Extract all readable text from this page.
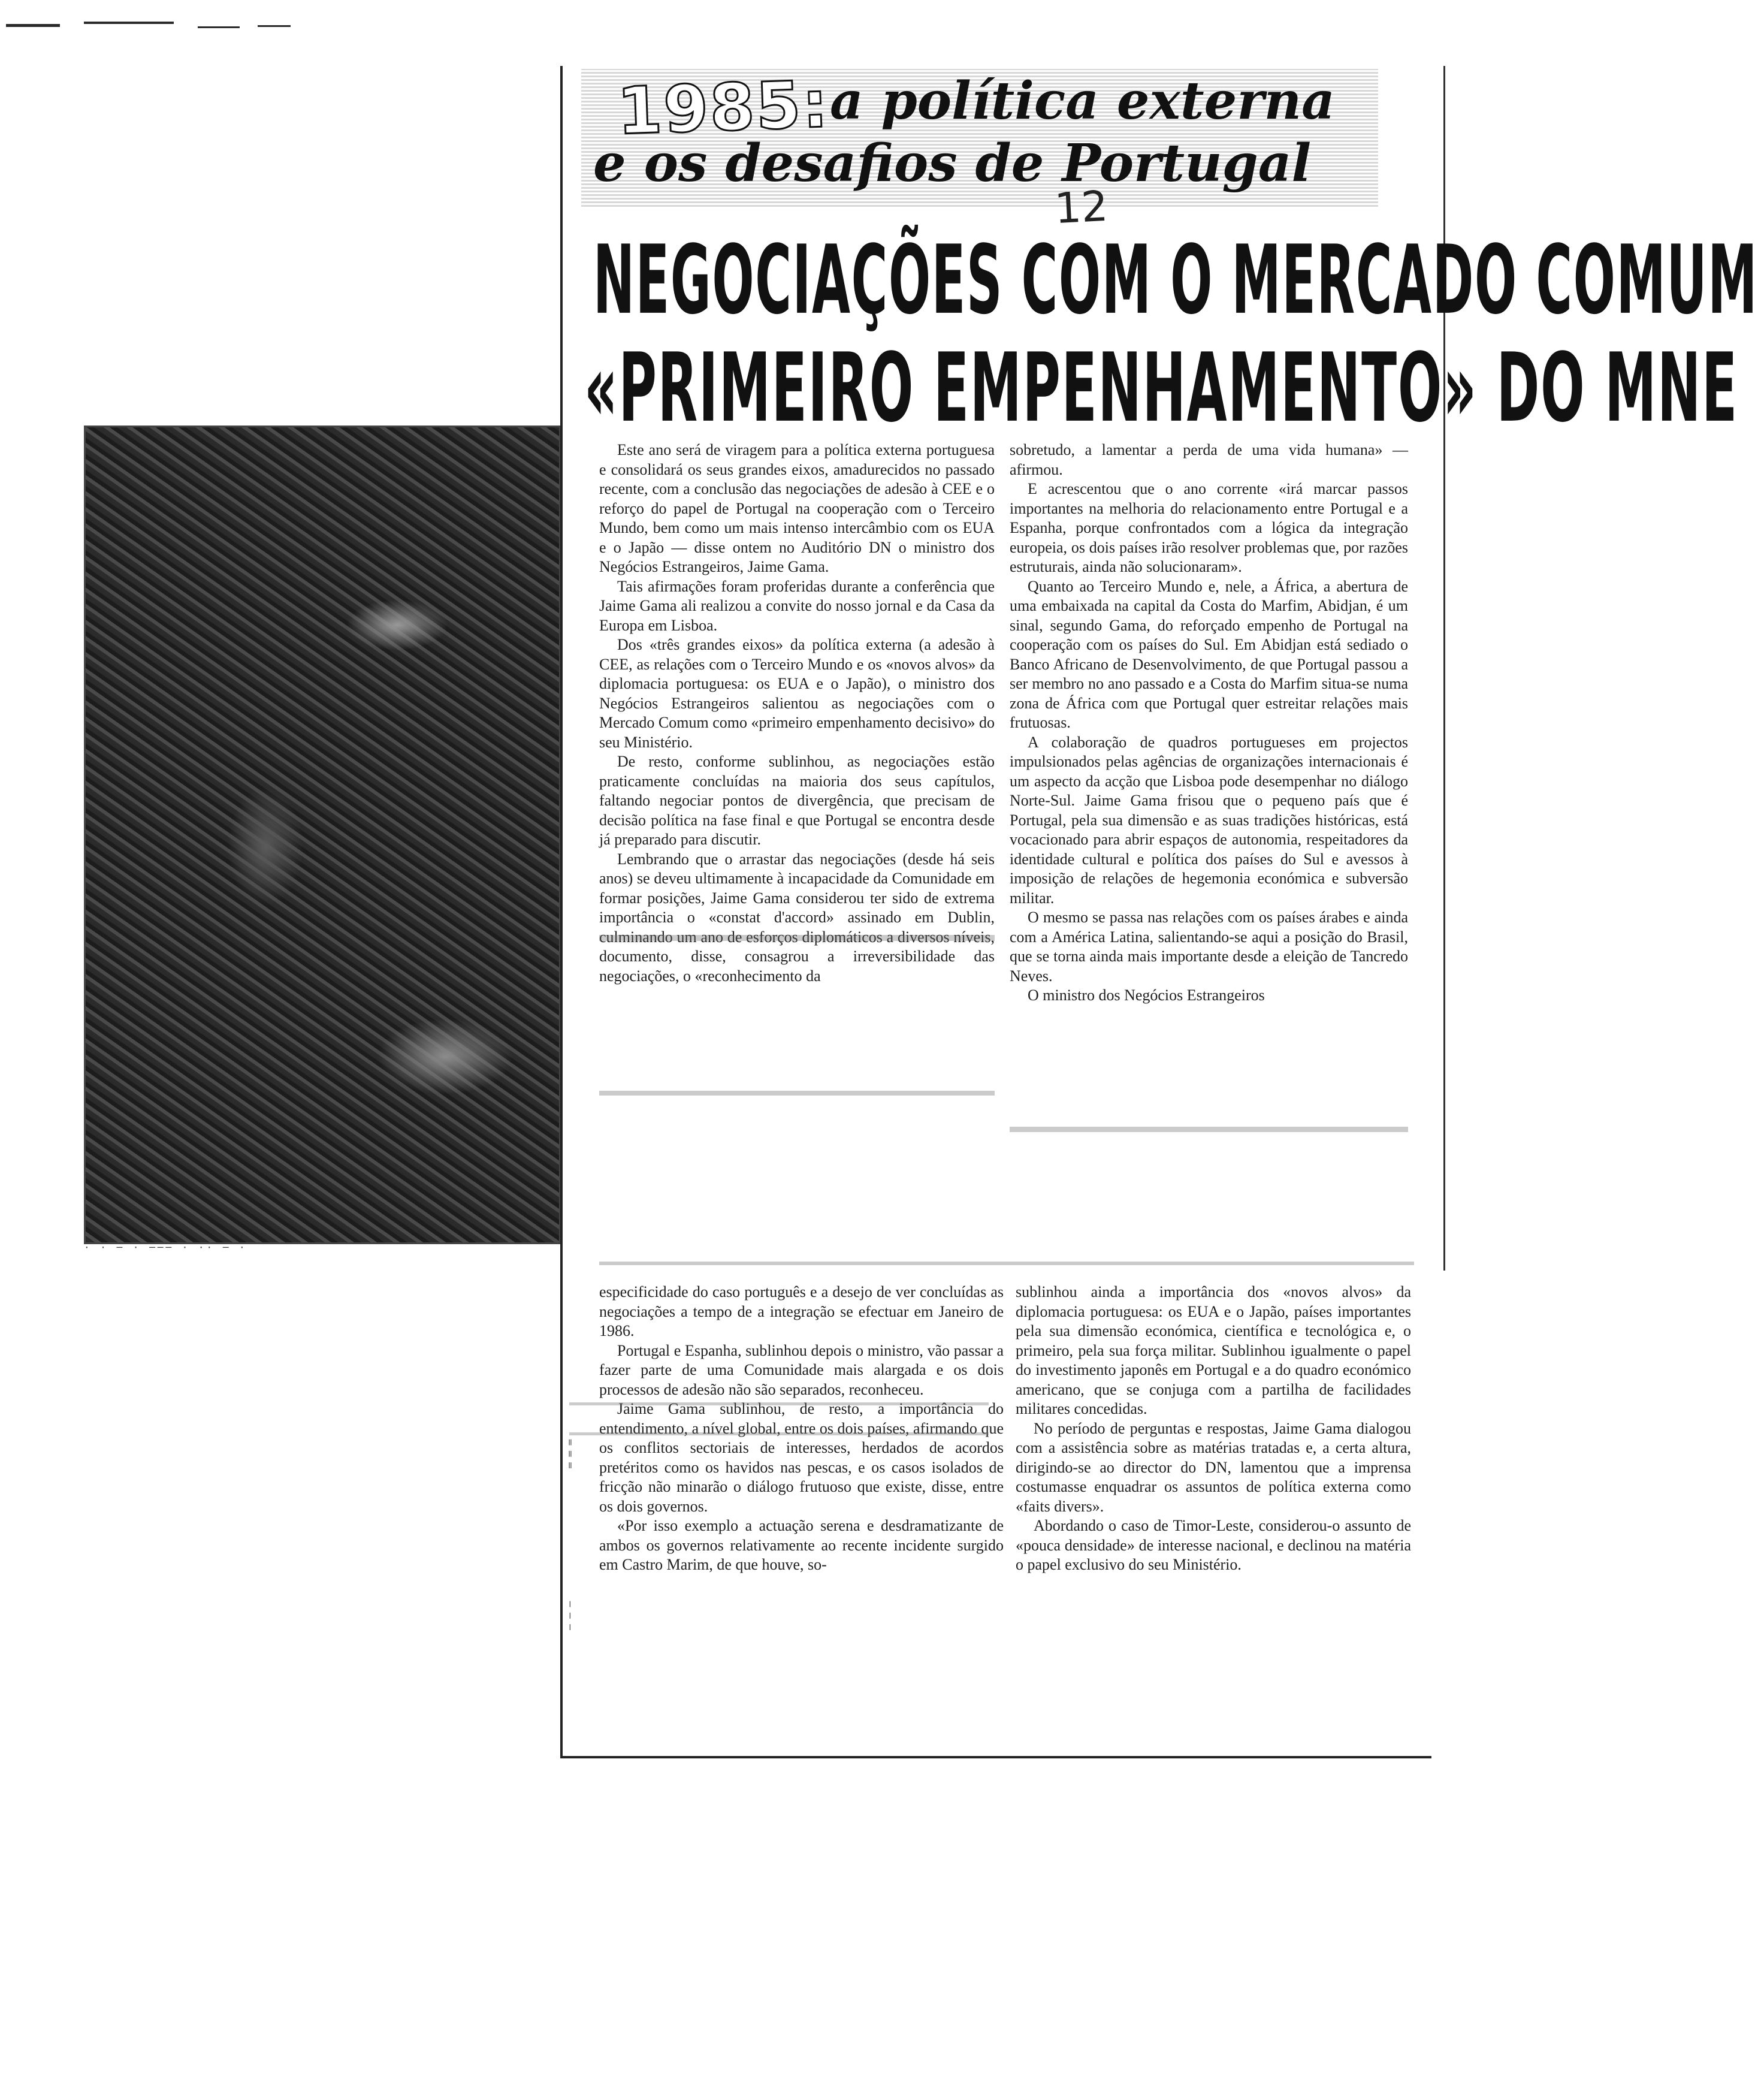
· · ─ · ─── · ·· ─ ·
1985: a política externa
e os desafios de Portugal
12
NEGOCIAÇÕES COM O MERCADO COMUM
«PRIMEIRO EMPENHAMENTO» DO MNE

Este ano será de viragem para a política externa portuguesa e consolidará os seus grandes eixos, amadurecidos no passado recente, com a conclusão das negociações de adesão à CEE e o reforço do papel de Portugal na cooperação com o Terceiro Mundo, bem como um mais intenso intercâmbio com os EUA e o Japão — disse ontem no Auditório DN o ministro dos Negócios Estrangeiros, Jaime Gama.

Tais afirmações foram proferidas durante a conferência que Jaime Gama ali realizou a convite do nosso jornal e da Casa da Europa em Lisboa.

Dos «três grandes eixos» da política externa (a adesão à CEE, as relações com o Terceiro Mundo e os «novos alvos» da diplomacia portuguesa: os EUA e o Japão), o ministro dos Negócios Estrangeiros salientou as negociações com o Mercado Comum como «primeiro empenhamento decisivo» do seu Ministério.

De resto, conforme sublinhou, as negociações estão praticamente concluídas na maioria dos seus capítulos, faltando negociar pontos de divergência, que precisam de decisão política na fase final e que Portugal se encontra desde já preparado para discutir.

Lembrando que o arrastar das negociações (desde há seis anos) se deveu ultimamente à incapacidade da Comunidade em formar posições, Jaime Gama considerou ter sido de extrema importância o «constat d'accord» assinado em Dublin, culminando um ano de esforços diplomáticos a diversos níveis, documento, disse, consagrou a irreversibilidade das negociações, o «reconhecimento da

sobretudo, a lamentar a perda de uma vida humana» — afirmou.

E acrescentou que o ano corrente «irá marcar passos importantes na melhoria do relacionamento entre Portugal e a Espanha, porque confrontados com a lógica da integração europeia, os dois países irão resolver problemas que, por razões estruturais, ainda não solucionaram».

Quanto ao Terceiro Mundo e, nele, a África, a abertura de uma embaixada na capital da Costa do Marfim, Abidjan, é um sinal, segundo Gama, do reforçado empenho de Portugal na cooperação com os países do Sul. Em Abidjan está sediado o Banco Africano de Desenvolvimento, de que Portugal passou a ser membro no ano passado e a Costa do Marfim situa-se numa zona de África com que Portugal quer estreitar relações mais frutuosas.

A colaboração de quadros portugueses em projectos impulsionados pelas agências de organizações internacionais é um aspecto da acção que Lisboa pode desempenhar no diálogo Norte-Sul. Jaime Gama frisou que o pequeno país que é Portugal, pela sua dimensão e as suas tradições históricas, está vocacionado para abrir espaços de autonomia, respeitadores da identidade cultural e política dos países do Sul e avessos à imposição de relações de hegemonia económica e subversão militar.

O mesmo se passa nas relações com os países árabes e ainda com a América Latina, salientando-se aqui a posição do Brasil, que se torna ainda mais importante desde a eleição de Tancredo Neves.

O ministro dos Negócios Estrangeiros

especificidade do caso português e a desejo de ver concluídas as negociações a tempo de a integração se efectuar em Janeiro de 1986.

Portugal e Espanha, sublinhou depois o ministro, vão passar a fazer parte de uma Comunidade mais alargada e os dois processos de adesão não são separados, reconheceu.

Jaime Gama sublinhou, de resto, a importância do entendimento, a nível global, entre os dois países, afirmando que os conflitos sectoriais de interesses, herdados de acordos pretéritos como os havidos nas pescas, e os casos isolados de fricção não minarão o diálogo frutuoso que existe, disse, entre os dois governos.

«Por isso exemplo a actuação serena e desdramatizante de ambos os governos relativamente ao recente incidente surgido em Castro Marim, de que houve, so-

sublinhou ainda a importância dos «novos alvos» da diplomacia portuguesa: os EUA e o Japão, países importantes pela sua dimensão económica, científica e tecnológica e, o primeiro, pela sua força militar. Sublinhou igualmente o papel do investimento japonês em Portugal e a do quadro económico americano, que se conjuga com a partilha de facilidades militares concedidas.

No período de perguntas e respostas, Jaime Gama dialogou com a assistência sobre as matérias tratadas e, a certa altura, dirigindo-se ao director do DN, lamentou que a imprensa costumasse enquadrar os assuntos de política externa como «faits divers».

Abordando o caso de Timor-Leste, considerou-o assunto de «pouca densidade» de interesse nacional, e declinou na matéria o papel exclusivo do seu Ministério.

═ ═ ═
─ ─ ─
